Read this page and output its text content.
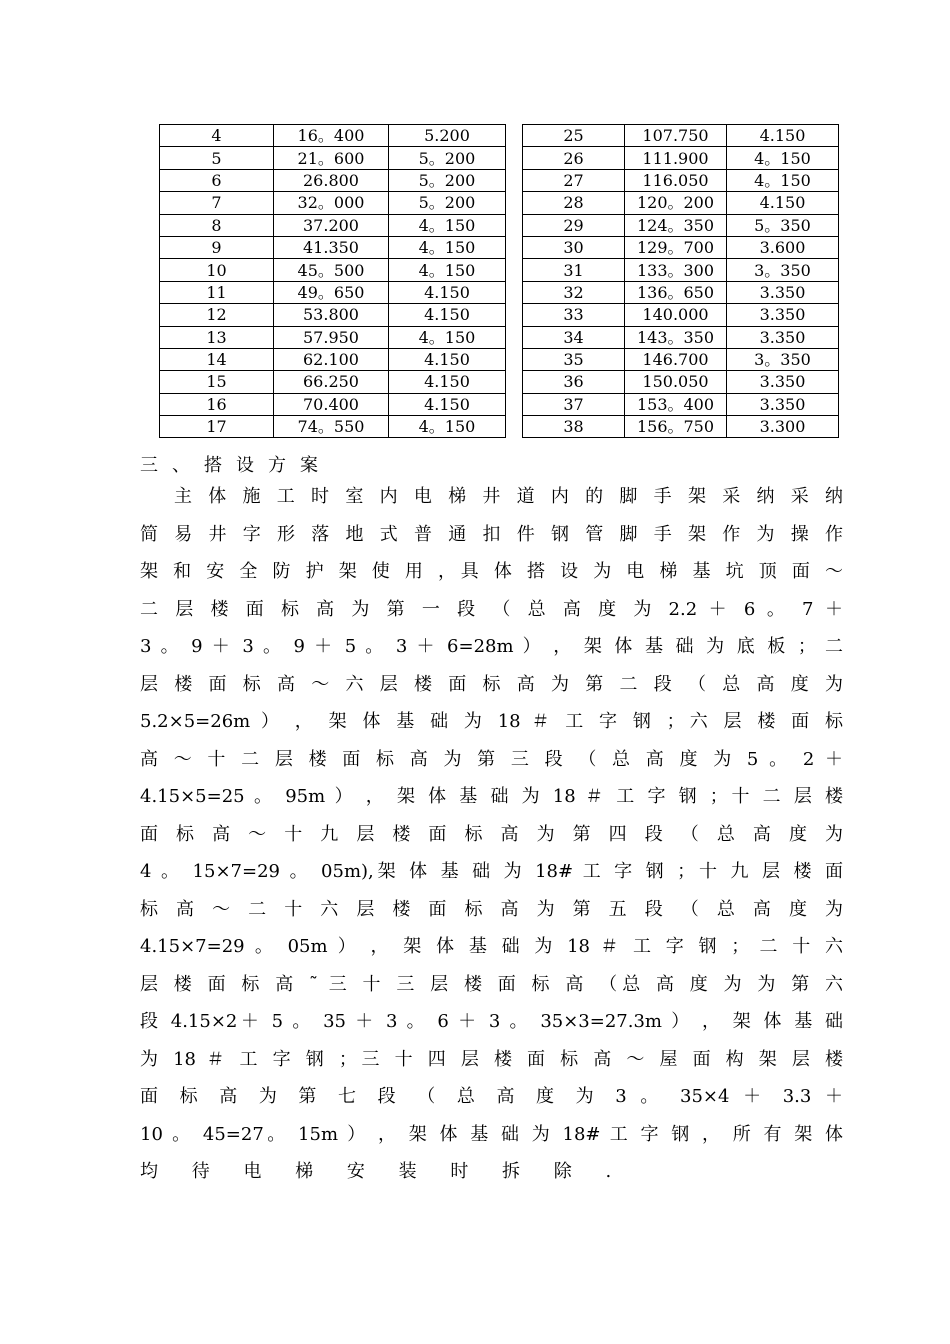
4	16。400	5.200
5	21。600	5。200
6	26.800	5。200
7	32。000	5。200
8	37.200	4。150
9	41.350	4。150
10	45。500	4。150
11	49。650	4.150
12	53.800	4.150
13	57.950	4。150
14	62.100	4.150
15	66.250	4.150
16	70.400	4.150
17	74。550	4。150
25	107.750	4.150
26	111.900	4。150
27	116.050	4。150
28	120。200	4.150
29	124。350	5。350
30	129。700	3.600
31	133。300	3。350
32	136。650	3.350
33	140.000	3.350
34	143。350	3.350
35	146.700	3。350
36	150.050	3.350
37	153。400	3.350
38	156。750	3.300
三、搭设方案
主 体 施 工 时 室 内 电 梯 井 道 内 的 脚 手 架 采 纳 采 纳
简 易 井 字 形 落 地 式 普 通 扣 件 钢 管 脚 手 架 作 为 操 作
架 和 安 全 防 护 架 使 用 ，具 体 搭 设 为 电 梯 基 坑 顶 面 ～
二 层 楼 面 标 高 为 第 一 段 （ 总 高 度 为 2.2 ＋ 6 。 7 ＋
3 。 9 ＋ 3 。 9 ＋ 5 。 3 ＋ 6=28m ） ， 架 体 基 础 为 底 板 ； 二
层 楼 面 标 高 ～ 六 层 楼 面 标 高 为 第 二 段 （ 总 高 度 为
5.2×5=26m ） ， 架 体 基 础 为 18 ＃ 工 字 钢 ；六 层 楼 面 标
高 ～ 十 二 层 楼 面 标 高 为 第 三 段 （ 总 高 度 为 5 。 2 ＋
4.15×5=25 。 95m ） ， 架 体 基 础 为 18 ＃ 工 字 钢 ；十 二 层 楼
面 标 高 ～ 十 九 层 楼 面 标 高 为 第 四 段 （ 总 高 度 为
4 。 15×7=29 。 05m),架 体 基 础 为 18# 工 字 钢 ；十 九 层 楼 面
标 高 ～ 二 十 六 层 楼 面 标 高 为 第 五 段 （ 总 高 度 为
4.15×7=29 。 05m ） ， 架 体 基 础 为 18 ＃ 工 字 钢 ； 二 十 六
层 楼 面 标 高 ˜ 三 十 三 层 楼 面 标 高 （总 高 度 为 为 第 六
段 4.15×2＋ 5 。 35 ＋ 3 。 6 ＋ 3 。 35×3=27.3m ） ， 架 体 基 础
为 18 ＃ 工 字 钢 ；三 十 四 层 楼 面 标 高 ～ 屋 面 构 架 层 楼
面 标 高 为 第 七 段 （ 总 高 度 为 3 。 35×4 ＋ 3.3 ＋
10 。 45=27。 15m ） ， 架 体 基 础 为 18# 工 字 钢 ， 所 有 架 体
均 待 电 梯 安 装 时 拆 除 .
